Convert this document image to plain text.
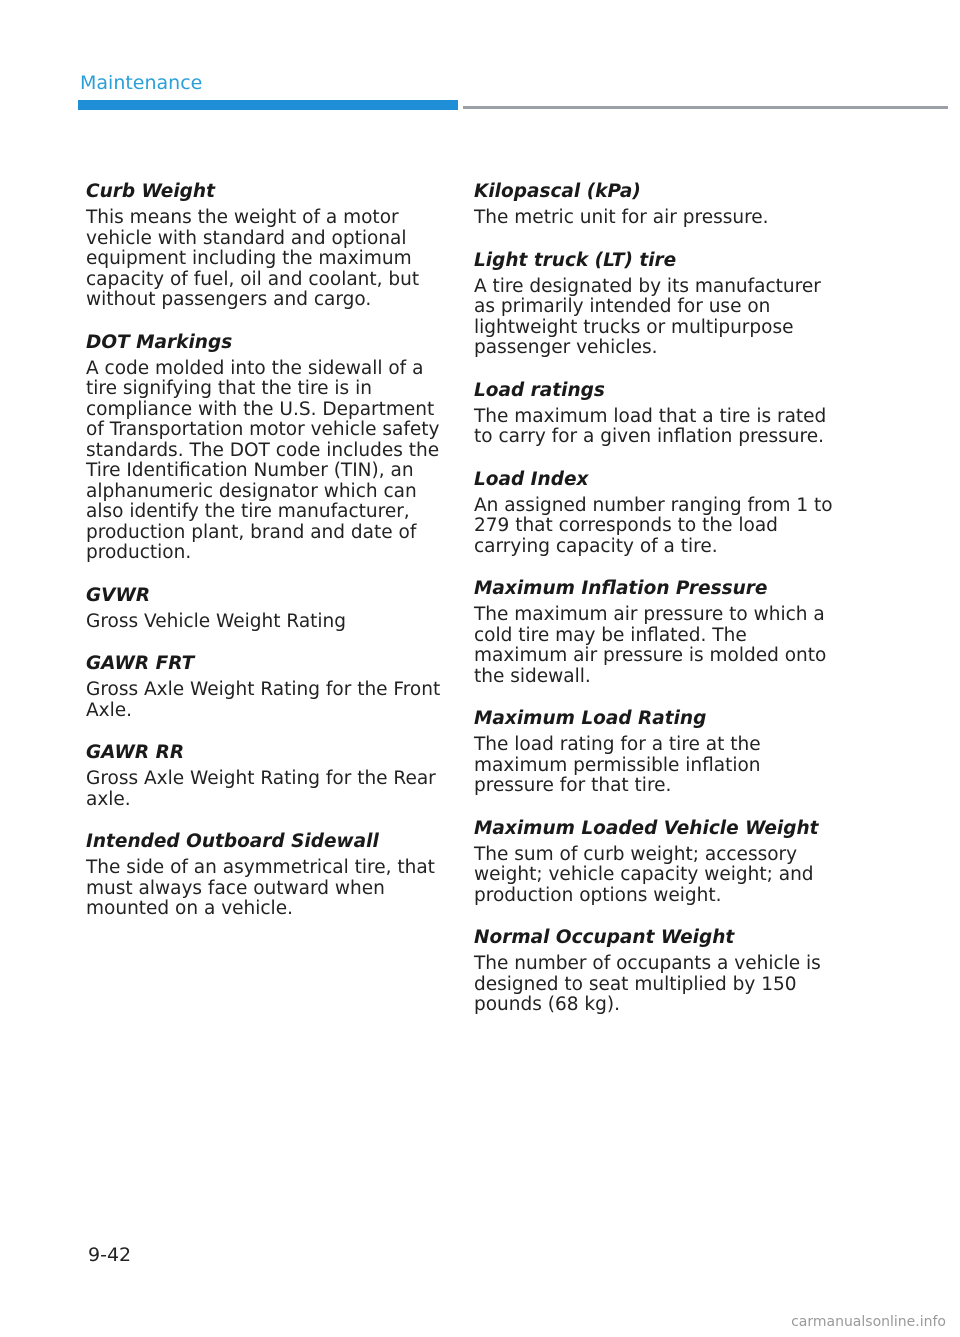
Maintenance

Curb Weight

This means the weight of a motor vehicle with standard and optional equipment including the maximum capacity of fuel, oil and coolant, but without passengers and cargo.

DOT Markings

A code molded into the sidewall of a tire signifying that the tire is in compliance with the U.S. Department of Transportation motor vehicle safety standards. The DOT code includes the Tire Identification Number (TIN), an alphanumeric designator which can also identify the tire manufacturer, production plant, brand and date of production.

GVWR

Gross Vehicle Weight Rating

GAWR FRT

Gross Axle Weight Rating for the Front Axle.

GAWR RR

Gross Axle Weight Rating for the Rear axle.

Intended Outboard Sidewall

The side of an asymmetrical tire, that must always face outward when mounted on a vehicle.

Kilopascal (kPa)

The metric unit for air pressure.

Light truck (LT) tire

A tire designated by its manufacturer as primarily intended for use on lightweight trucks or multipurpose passenger vehicles.

Load ratings

The maximum load that a tire is rated to carry for a given inflation pressure.

Load Index

An assigned number ranging from 1 to 279 that corresponds to the load carrying capacity of a tire.

Maximum Inflation Pressure

The maximum air pressure to which a cold tire may be inflated. The maximum air pressure is molded onto the sidewall.

Maximum Load Rating

The load rating for a tire at the maximum permissible inflation pressure for that tire.

Maximum Loaded Vehicle Weight

The sum of curb weight; accessory weight; vehicle capacity weight; and production options weight.

Normal Occupant Weight

The number of occupants a vehicle is designed to seat multiplied by 150 pounds (68 kg).

9-42
carmanualsonline.info
